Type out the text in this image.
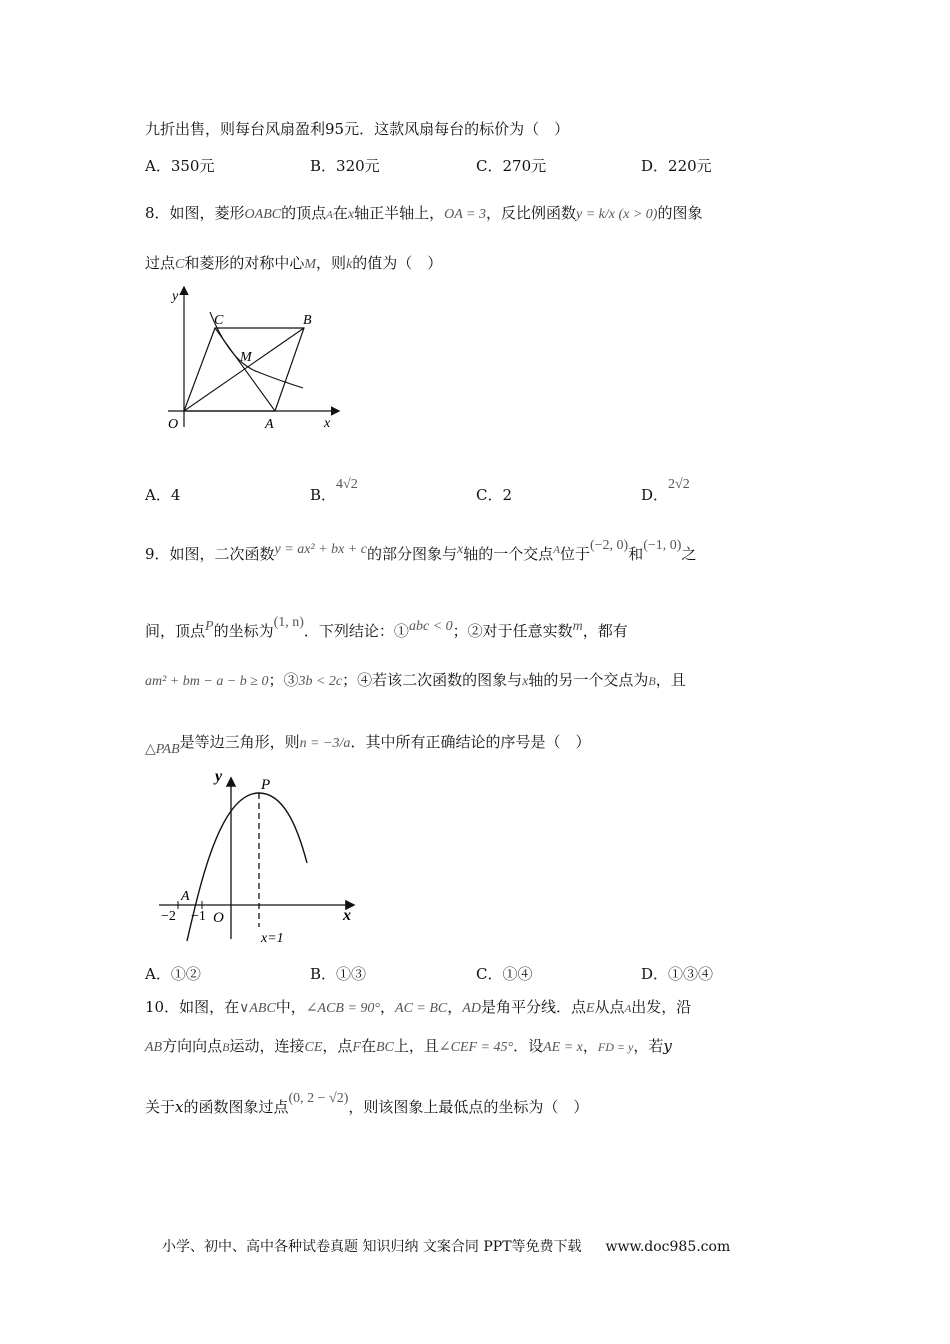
九折出售，则每台风扇盈利95元．这款风扇每台的标价为（　）
A．350元	B．320元	C．270元	D．220元
8．如图，菱形OABC的顶点A在x轴正半轴上，OA = 3，反比例函数y = k/x (x > 0)的图象
过点C和菱形的对称中心M，则k的值为（　）
y
C	B
M
O	A	x
A．4	B．4√2
C．2	D．2√2
9．如图，二次函数y = ax² + bx + c的部分图象与x轴的一个交点$^A$位于(−2, 0)和(−1, 0)之
间，顶点P的坐标为(1, n)．下列结论：①abc < 0；②对于任意实数m，都有
am² + bm − a − b ≥ 0；③3b < 2c；④若该二次函数的图象与x轴的另一个交点为B，且
△PAB是等边三角形，则n = −3/a．其中所有正确结论的序号是（　）
y	P
A
−2 −1 O	x
x=1
A．①②	B．①③	C．①④	D．①③④
10．如图，在∨ABC中，∠ACB = 90°，AC = BC，AD是角平分线．点E从点A出发，沿
AB方向向点B运动，连接CE，点F在BC上，且∠CEF = 45°．设AE = x，FD = y，若y
关于x的函数图象过点(0, 2 − √2)，则该图象上最低点的坐标为（　）
小学、初中、高中各种试卷真题 知识归纳 文案合同 PPT等免费下载 www.doc985.com
